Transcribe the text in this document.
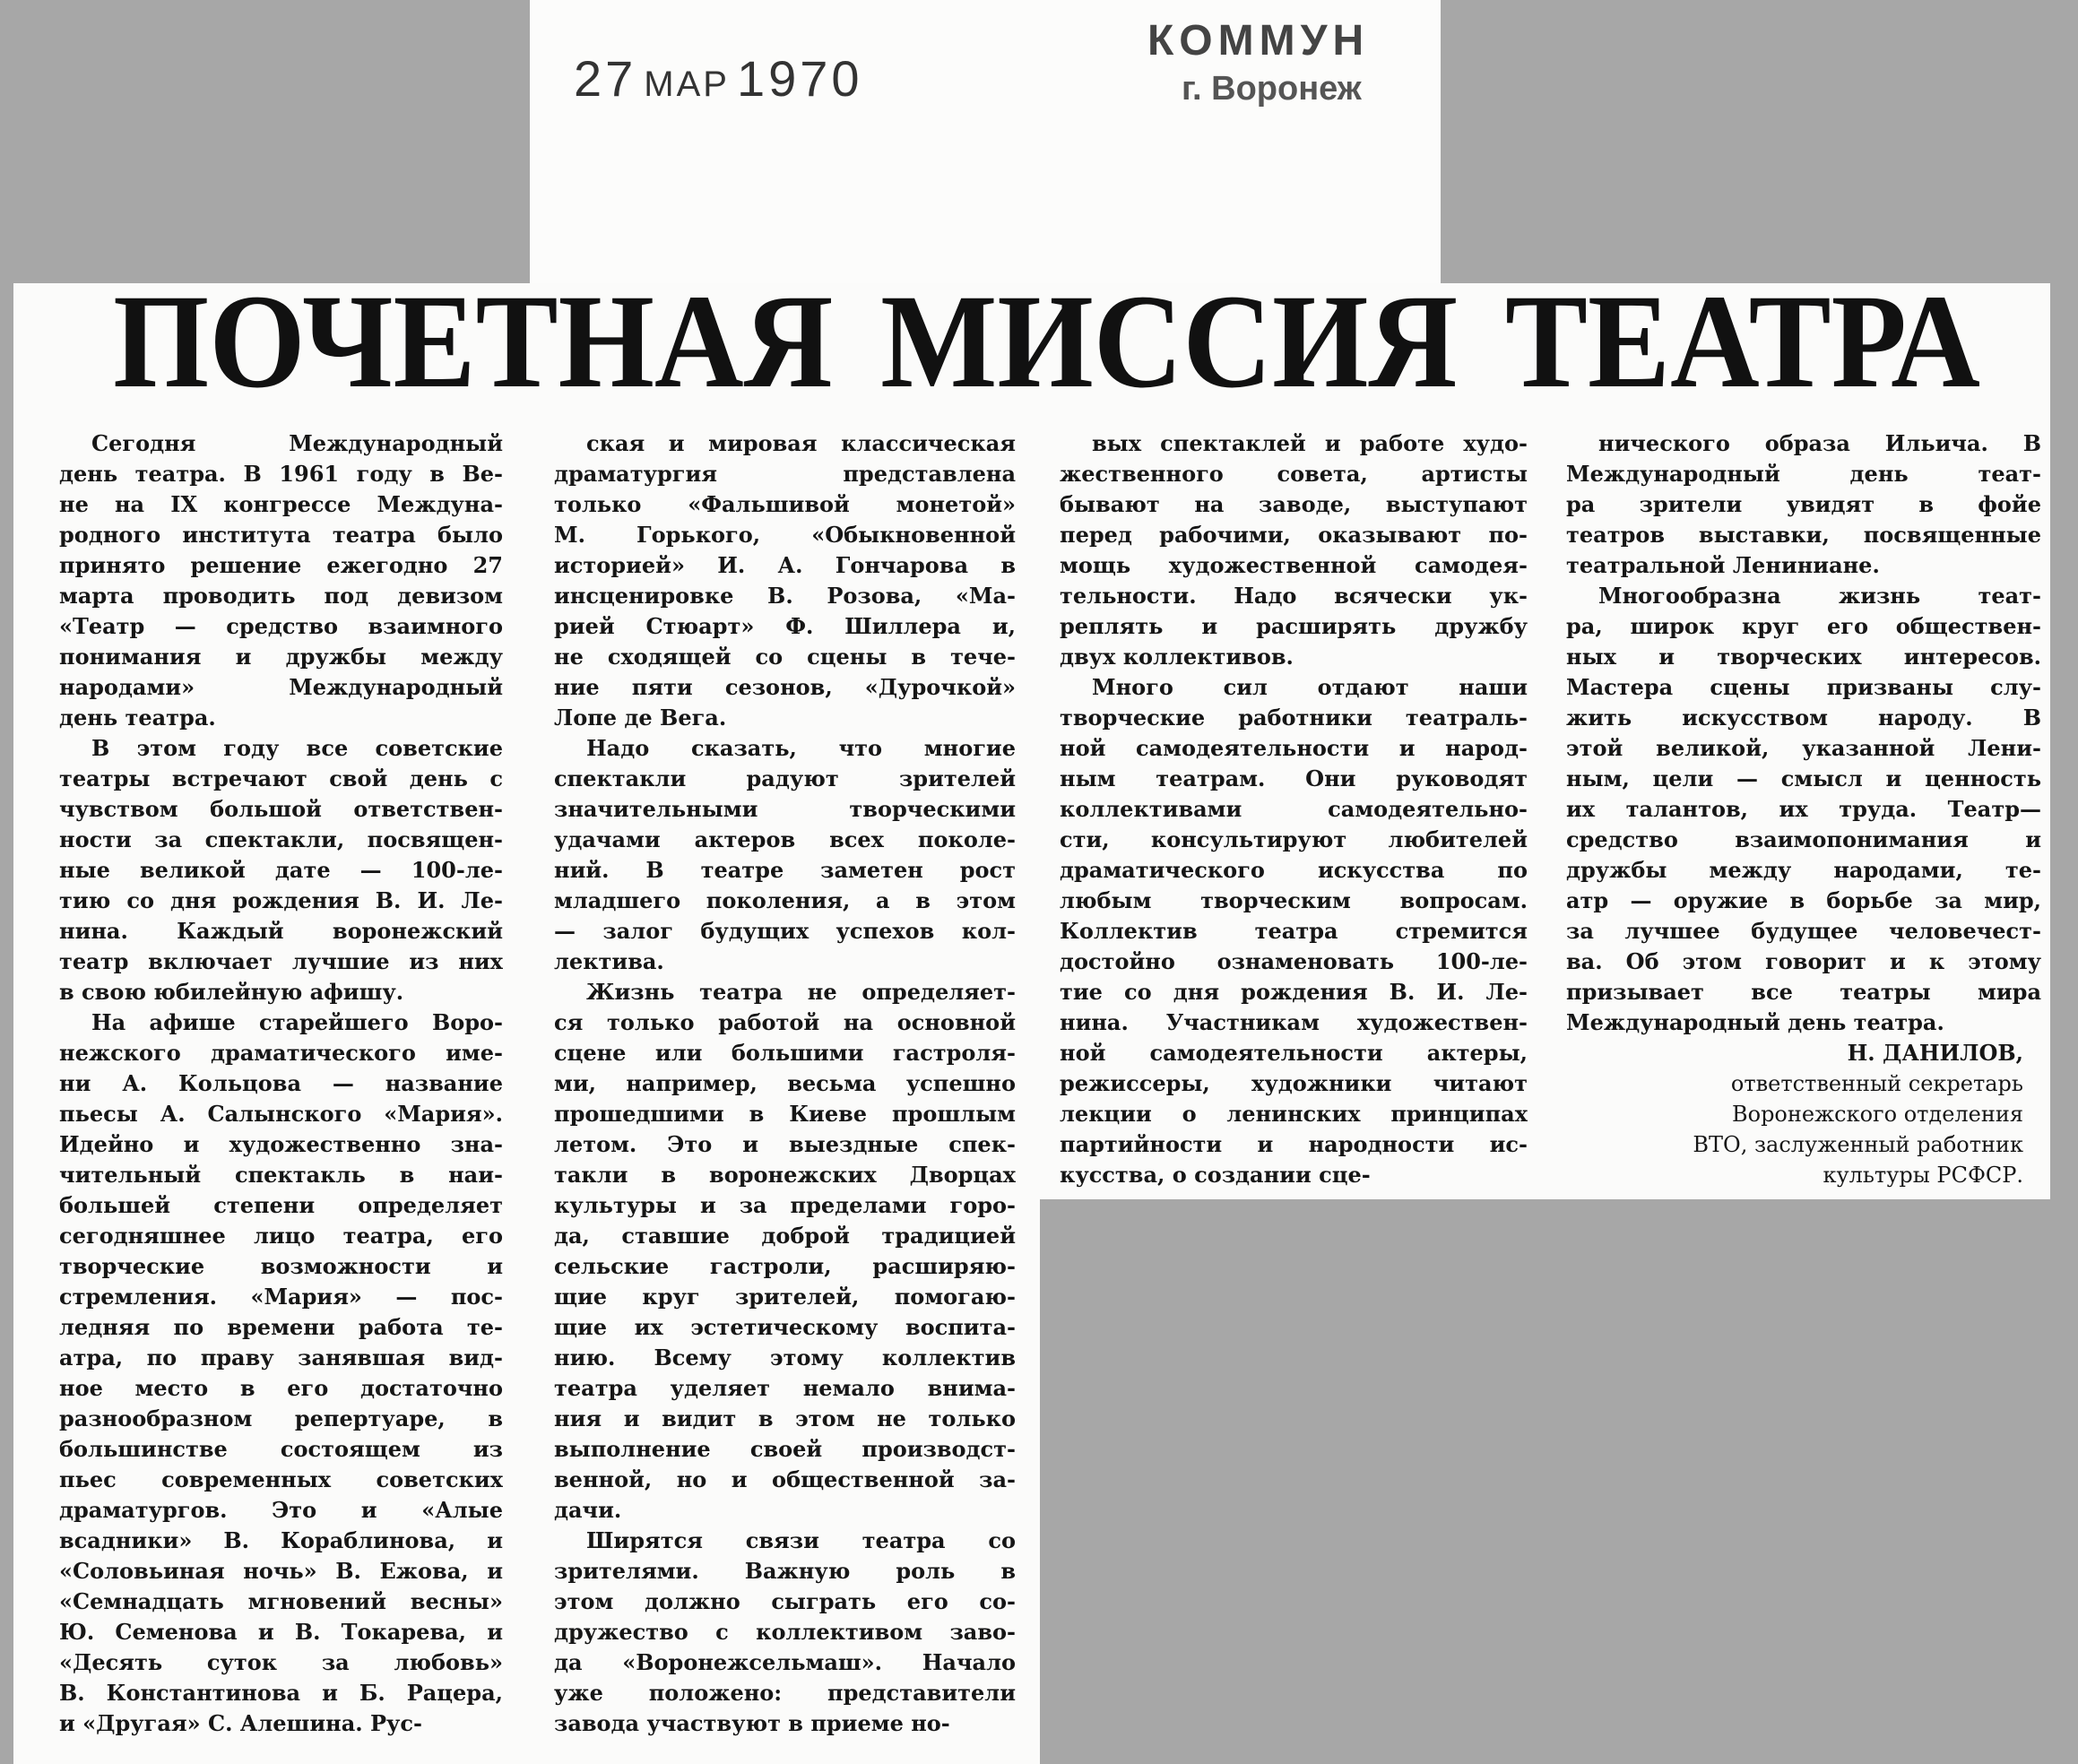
27 МАР 1970
КОММУН
г. Воронеж
ПОЧЕТНАЯ МИССИЯ ТЕАТРА
Сегодня Международный
день театра. В 1961 году в Ве-
не на IX конгрессе Междуна-
родного института театра было
принято решение ежегодно 27
марта проводить под девизом
«Театр — средство взаимного
понимания и дружбы между
народами» Международный
день театра.
В этом году все советские
театры встречают свой день с
чувством большой ответствен-
ности за спектакли, посвящен-
ные великой дате — 100-ле-
тию со дня рождения В. И. Ле-
нина. Каждый воронежский
театр включает лучшие из них
в свою юбилейную афишу.
На афише старейшего Воро-
нежского драматического име-
ни А. Кольцова — название
пьесы А. Салынского «Мария».
Идейно и художественно зна-
чительный спектакль в наи-
большей степени определяет
сегодняшнее лицо театра, его
творческие возможности и
стремления. «Мария» — пос-
ледняя по времени работа те-
атра, по праву занявшая вид-
ное место в его достаточно
разнообразном репертуаре, в
большинстве состоящем из
пьес современных советских
драматургов. Это и «Алые
всадники» В. Кораблинова, и
«Соловьиная ночь» В. Ежова, и
«Семнадцать мгновений весны»
Ю. Семенова и В. Токарева, и
«Десять суток за любовь»
В. Константинова и Б. Рацера,
и «Другая» С. Алешина. Рус-
ская и мировая классическая
драматургия представлена
только «Фальшивой монетой»
М. Горького, «Обыкновенной
историей» И. А. Гончарова в
инсценировке В. Розова, «Ма-
рией Стюарт» Ф. Шиллера и,
не сходящей со сцены в тече-
ние пяти сезонов, «Дурочкой»
Лопе де Вега.
Надо сказать, что многие
спектакли радуют зрителей
значительными творческими
удачами актеров всех поколе-
ний. В театре заметен рост
младшего поколения, а в этом
— залог будущих успехов кол-
лектива.
Жизнь театра не определяет-
ся только работой на основной
сцене или большими гастроля-
ми, например, весьма успешно
прошедшими в Киеве прошлым
летом. Это и выездные спек-
такли в воронежских Дворцах
культуры и за пределами горо-
да, ставшие доброй традицией
сельские гастроли, расширяю-
щие круг зрителей, помогаю-
щие их эстетическому воспита-
нию. Всему этому коллектив
театра уделяет немало внима-
ния и видит в этом не только
выполнение своей производст-
венной, но и общественной за-
дачи.
Ширятся связи театра со
зрителями. Важную роль в
этом должно сыграть его со-
дружество с коллективом заво-
да «Воронежсельмаш». Начало
уже положено: представители
завода участвуют в приеме но-
вых спектаклей и работе худо-
жественного совета, артисты
бывают на заводе, выступают
перед рабочими, оказывают по-
мощь художественной самодея-
тельности. Надо всячески ук-
реплять и расширять дружбу
двух коллективов.
Много сил отдают наши
творческие работники театраль-
ной самодеятельности и народ-
ным театрам. Они руководят
коллективами самодеятельно-
сти, консультируют любителей
драматического искусства по
любым творческим вопросам.
Коллектив театра стремится
достойно ознаменовать 100-ле-
тие со дня рождения В. И. Ле-
нина. Участникам художествен-
ной самодеятельности актеры,
режиссеры, художники читают
лекции о ленинских принципах
партийности и народности ис-
кусства, о создании сце-
нического образа Ильича. В
Международный день теат-
ра зрители увидят в фойе
театров выставки, посвященные
театральной Лениниане.
Многообразна жизнь теат-
ра, широк круг его обществен-
ных и творческих интересов.
Мастера сцены призваны слу-
жить искусством народу. В
этой великой, указанной Лени-
ным, цели — смысл и ценность
их талантов, их труда. Театр—
средство взаимопонимания и
дружбы между народами, те-
атр — оружие в борьбе за мир,
за лучшее будущее человечест-
ва. Об этом говорит и к этому
призывает все театры мира
Международный день театра.
Н. ДАНИЛОВ,
ответственный секретарь
Воронежского отделения
ВТО, заслуженный работник
культуры РСФСР.
